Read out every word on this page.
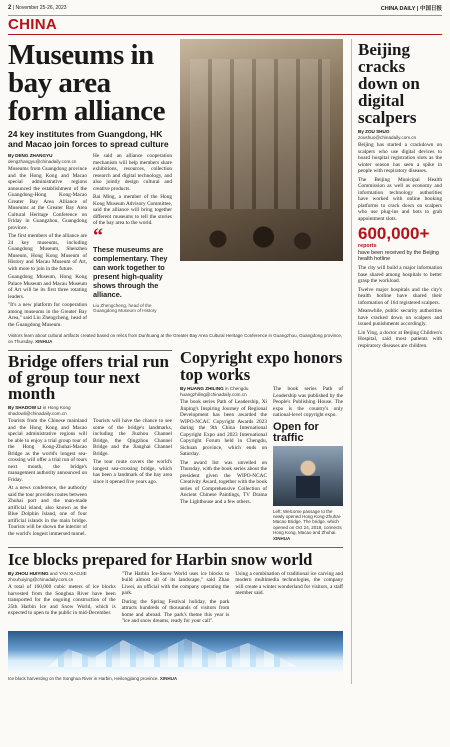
2 | November 25-26, 2023	CHINA DAILY | 中国日报
CHINA
Museums in bay area form alliance
24 key institutes from Guangdong, HK and Macao join forces to spread culture
By DENG ZHANGYU
dengzhangyu@chinadaily.com.cn

Museums from Guangdong province and the Hong Kong and Macao special administrative regions announced the establishment of the Guangdong-Hong Kong-Macao Greater Bay Area Alliance of Museums at the Greater Bay Area Cultural Heritage Conference on Friday in Guangzhou, Guangdong province.

The first members of the alliance are 24 key museums, including Guangdong Museum, Shenzhen Museum, Hong Kong Museum of History and Macau Museum of Art, with more to join in the future.

Guangdong Museum, Hong Kong Palace Museum and Macau Museum of Art will be its first three rotating leaders.

"It's a new platform for cooperation among museums in the Greater Bay Area," said Liu Zhengcheng, head of the Guangdong Museum.

He said an alliance cooperation mechanism will help members share exhibitions, resources, collection research and digital technology, and also jointly design cultural and creative products.

Bai Ming, a member of the Hong Kong Museum Advisory Committee, said the alliance will bring together different museums to tell the stories of the bay area to the world.

“
These museums are complementary. They can work together to present high-quality shows through the alliance.
Liu Zhengcheng, head of the Guangdong Museum of History
Visitors learn about cultural artifacts created based on relics from Dunhuang at the Greater Bay Area Cultural Heritage Conference in Guangzhou, Guangdong province, on Thursday. XINHUA
Bridge offers trial run of group tour next month
By SHADOW LI in Hong Kong
shadowli@chinadaily.com.cn

Tourists from the Chinese mainland and the Hong Kong and Macao special administrative regions will be able to enjoy a trial group tour of the Hong Kong-Zhuhai-Macao Bridge as the world's longest sea-crossing will offer a trial run of tours next month, the bridge's management authority announced on Friday.

At a news conference, the authority said the tour provides routes between Zhuhai port and the man-made artificial island, also known as the Blue Dolphin Island, one of four artificial islands in the main bridge. Tourists will be shown the interior of the world's longest immersed tunnel.

Tourists will have the chance to see some of the bridge's landmarks, including the Jiuzhou Channel Bridge, the Qingzhou Channel Bridge and the Jianghai Channel Bridge.

The tour route covers the world's longest sea-crossing bridge, which has been a landmark of the bay area since it opened five years ago.

Copyright expo honors top works
By HUANG ZHILING in Chengdu
huangzhiling@chinadaily.com.cn

The book series Path of Leadership, Xi Jinping's Inspiring Journey of Regional Development has been awarded the WIPO-NCAC Copyright Awards 2023 during the 9th China International Copyright Expo and 2023 International Copyright Forum held in Chengdu, Sichuan province, which ends on Saturday.

The award list was unveiled on Thursday, with the book series about the president given the WIPO-NCAC Creativity Award, together with the book series of Comprehensive Collection of Ancient Chinese Paintings, TV Drama The Lighthouse and a few others.

The book series Path of Leadership was published by the People's Publishing House. The expo is the country's only national-level copyright expo.

Open for traffic
Left: Welcome passage to the newly opened Hong Kong-Zhuhai-Macao Bridge. The bridge, which opened on Oct 24, 2018, connects Hong Kong, Macao and Zhuhai. XINHUA
Ice blocks prepared for Harbin snow world
By ZHOU HUIYING and YAN XIAOJIE
zhouhuiying@chinadaily.com.cn

A total of 160,000 cubic meters of ice blocks harvested from the Songhua River have been transported for the ongoing construction of the 25th Harbin Ice and Snow World, which is expected to open to the public in mid-December.

"The Harbin Ice-Snow World uses ice blocks to build almost all of its landscape," said Zhao Liwei, an official with the company operating the park.

During the Spring Festival holiday, the park attracts hundreds of thousands of visitors from home and abroad. The park's theme this year is "ice and snow dreams, ready for your call".

Using a combination of traditional ice carving and modern multimedia technologies, the company will create a winter wonderland for visitors, a staff member said.

Ice block harvesting on the Songhua River in Harbin, Heilongjiang province. XINHUA
Beijing cracks down on digital scalpers
By ZOU SHUO
zoushuo@chinadaily.com.cn

Beijing has started a crackdown on scalpers who use digital devices to hoard hospital registration slots as the winter season has seen a spike in people with respiratory diseases.

The Beijing Municipal Health Commission as well as economy and information technology authorities have worked with online booking platforms to crack down on scalpers who use plug-ins and bots to grab appointment slots.

600,000+
reports
have been received by the Beijing health hotline

The city will build a major information base shared among hospitals to better grasp the workload.

Twelve major hospitals and the city's health hotline have shared their information of 164 registered scalpers.

Meanwhile, public security authorities have cracked down on scalpers and issued punishments accordingly.

Lin Ying, a doctor at Beijing Children's Hospital, said most patients with respiratory diseases are children.
